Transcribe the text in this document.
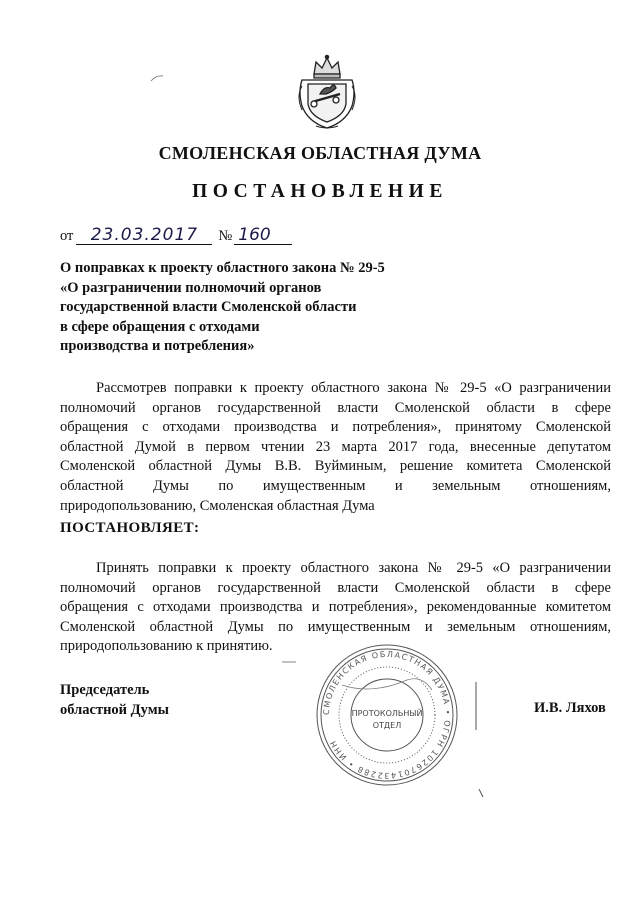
СМОЛЕНСКАЯ ОБЛАСТНАЯ ДУМА
ПОСТАНОВЛЕНИЕ
от	23.03.2017	№ 160
О поправках к проекту областного закона № 29-5
«О разграничении полномочий органов
государственной власти Смоленской области
в сфере обращения с отходами
производства и потребления»
Рассмотрев поправки к проекту областного закона № 29-5 «О разграничении
полномочий органов государственной власти Смоленской области в сфере
обращения с отходами производства и потребления», принятому Смоленской
областной Думой в первом чтении 23 марта 2017 года, внесенные депутатом
Смоленской областной Думы В.В. Вуйминым, решение комитета Смоленской
областной Думы по имущественным и земельным отношениям,
природопользованию, Смоленская областная Дума
ПОСТАНОВЛЯЕТ:
Принять поправки к проекту областного закона № 29-5 «О разграничении
полномочий органов государственной власти Смоленской области в сфере
обращения с отходами производства и потребления», рекомендованные комитетом
Смоленской областной Думы по имущественным и земельным отношениям,
природопользованию к принятию.
Председатель
областной Думы	СМОЛЕНСКАЯ ОБЛАСТНАЯ ДУМА • ОГРН 1026701432288 • ИНН
ПРОТОКОЛЬНЫЙ
ОТДЕЛ
И.В. Ляхов
